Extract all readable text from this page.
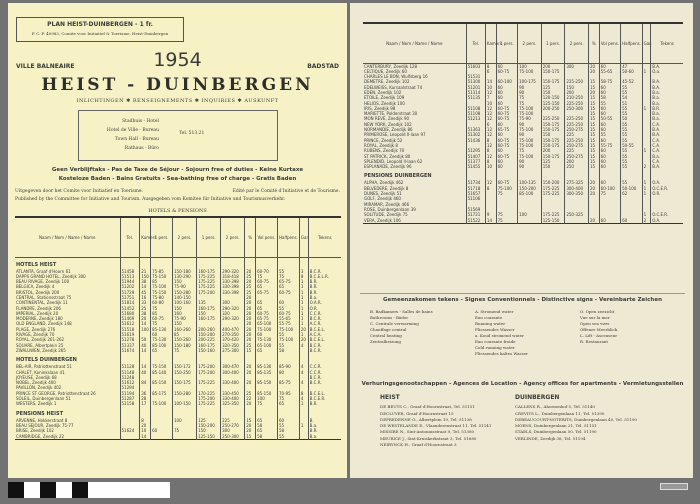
PLAN HEIST-DUINBERGEN - 1 fr.
P. C. P. 40983, Comite voor Initiatief & Toerisme, Heist-Duinbergen
1954
VILLE BALNEAIRE	BADSTAD
HEIST - DUINBERGEN
INLICHTINGEN ✱ RENSEIGNEMENTS ✱ INQUIRIES ✱ AUSKUNFT
Stadhuis - Hotel
Hotel de Ville - Bureau
Town Hall - Bureau
Rathaus - Büro
Tel. 513.21
Geen Verblijftaks - Pas de Taxe de Séjour - Sojourn free of duties - Keine Kurtaxe
Kosteloze Baden - Bains Gratuits - Sea-bathing free of charge - Gratis Baden
Uitgegeven door het Comite voor Initiatief en Toerisme.	Edité par le Comité d'Initiative et de Tourisme.
Published by the Committee for Initiative and Tourism. Ausgegeben vom Komitee für Initiative und Tourismusverkehr.
HOTELS & PENSIONS
Naam / Nom / Name / Name	Tel.	Kamers	1 pers.	2 pers.	1 pers.	2 pers.	%	Vol pens.	Halfpens.	Gar.	Tekens
HOTELS HEIST											
ATLANTA, Graaf d'Hoorn 61	51458	21	75-85	150-180	160-175	290-320	20	60-70	55	3	B.C.R.
DAPPS GRAND HOTEL, Zeedijk 300	51513	150	75-150	130-290	175-225	318-418	25	75	75	8	B.C.E.L.R.
BEAU RIVAGE, Zeedijk 100	51944	38	85	150	175-225	330-398	20	60-75	65-75	1	B.R.
BELGICA, Zeedijk 4	51202	14	75-100	75-90	175-225	330-398	25	65	65	1	B.R.
BRISTOL, Zeedijk 200	51729	45	75-150	150-280	175-200	330-398	25	65-75	60-75	1	B.R.
CENTRAL, Stationsstraat 75	51751	16	75-80	140-150			20			1	B.a.
CONTINENTAL, Zeedijk 11	51814	33	60-80	100-160	135	300	20	65	60	1	O.A.R.
FLANDRE, Zeedijk 206	51452	25	75	150	160-175	290-320	20	65	55	1	O.R.
IMPERIAL, Zeedijk 20	51680	38	85	160	150	320	20	60-75	60-75	1	C.C.R.
MODERNE, Zeedijk 180	51469	20	60-75	75-90	160-175	290-320	20	65-75	55-65	1	B.C.R.
OLD ENGLAND, Zeedijk 148	51612	14	75	150			20	65-100	55-75	1	A.C.R.
PLAGE, Zeedijk 276	51518	100	85-130	160-260	200-260	400-470	20	75-100	75-100	20	B.C.E.L.
RIVAGE, Zeedijk 70	51619		60	85	150-200	270-350	20	60	55	1	A.C.A.
ROYAL, Zeedijk 261-262	51278	50	75-130	150-260	200-225	370-420	20	75-130	75-100	20	B.C.E.L.
SQUARE, Albertplein 25	51337	40	85-100	150-180	160-175	320-350	25	65-100	55	4	B.C.R.
ZWALUWEN, Zeedijk 265	51674	14	65	75	150-160	275-300	15	65	58		B.C.R.
HOTELS DUINBERGEN											
BEL-AIR, Patriottenstraat 51	51128	14	75-150	150-172	175-200	300-470	20	85-130	85-90	4	C.C.R.
CHALET, Koninkslaan 41	51148	40	85-140	150-250	175-200	300-400	20	85-135	80	4	C.C.R.
JOYEUSE, Zeedijk 68	51248										B.C.R.
NOBEL, Zeedijk 400	51612	84	85-150	150-175	175-225	330-400	20	85-150	85-75	4	B.C.R.
PAVILLON, Zeedijk 402	51294										
PRINCE ST GEORGE, Patriottenstraat 26	51194	36	85-175	150-280	170-225	330-450	25	85-150	70-95	8	B.C.E.L.
SOLEIL, Duinbergenlaan 51	51287	28			175-200	330-400	22	100	75	4	B.C.E.R.
WESTERS, Zeedijk 1	51158	17	75-100	100-150	175-225	325-350	20	75	65	1	B.R.
PENSIONS HEIST											
ARVENNE, Hokkerstraat 8		8		100	125	225	15	65	60		B.
BEAU SEJOUR, Zeedijk 75-77		20			150-200	250-270	20	58	55	1	B.a.
BRISE, Zeedijk 102	51624	10	60	75	150	300	20	65	58		B.R.
CAMBRIDGE, Zeedijk 22		14			125-150	250-300	15	58	55		B.a.
Naam / Nom / Name / Name	Tel.	Kamers	1 pers.	2 pers.	1 pers.	2 pers.	%	Vol pens.	Halfpens.	Gar.	Tekens
CANTERBURY, Zeedijk 128	51603	8	60	100	200	300	20	60	47		B.A.
CELTIQUE, Zeedijk 60		6	60-75	75-100	150-175		20	55-65	50-60	1	O.a.
CHARLES LE BON, Wulfsberg 16	51531										
DEMETRE, Zeedijk 102	51300	14	60-100	100-175	150-175	225-250	15	58-75	45-52		B.A.
EDELWEISS, Kursaalstraat 74	51201	10	60	90	125	150	15	60	55		B.A.
EDEN, Zeedijk 102	51314	12	60	90	150	200	20	60	55		B.a.
ETOILE, Zeedijk 109	51135	7	60	75	120-150	210-250	15	58	54		B.a.
HELIOS, Zeedijk 100		10	60	75	125-150	225-250	15	55	51		B.a.
IRIS, Zeedijk 98	51108	12	60-75	75-100	200-250	250-300	15	60	55	1	B.R.
MARIETTE, Polderstraat 30	51108	12	60-75	75-100			15	60	55		B.a.
MON REVE, Zeedijk 90	51213	12	60-75	75-90	225-250	225-250	15	50-55	50		B.a.
NEW YORK, Zeedijk 102		6	60	90	150-175	225-250	15	60	55		C.A.
NORMANDIE, Zeedijk 86	51363	12	65-75	75-100	150-175	250-275	15	60	55		B.A.
PRIMEROSE, Leopold II-laan 97	51302	12	60	90	150	225	15	55	55		B.A.
PRINCE, Zeedijk 52	51436	8	60-75	75-100	150-175	225-250	15	60	55		C.A.
ROYAL, Zeedijk 8		12	60-75	75-100	150-175	250-275	15	55-75	50-55		C.A.
RUBENS, Zeedijk 70	51295	8	60	75	200	225	15	60	55	1	C.A.
ST PATRICK, Zeedijk 80	51407	12	60-75	75-100	150-175	250-275	15	60	55		B.a.
SPLENDID, Leopold II-laan 62	51377	8	60	90	125	200	15	60	55		C.A.
ESPLANADE, Zeedijk 96	51455	10	60	90	150	250	15	60	55	2	B.A.
PENSIONS DUINBERGEN											
ALPHA, Zeedijk 462	51734	12	60-75	100-135	150-200	275-325	20	60	55	1	O.A.
BELVEDERE, Zeedijk 8	51718	8	75-100	150-200	175-225	300-400	20	60-100	50-100	1	O.C.E.R.
DUNES, Zeedijk 51	51657		75	85-100	175-225	300-350	20	75	62	1	O.R.
GOLF, Zeedijk 460	51106										
MIRAMAR, Zeedijk 466											
ROSE, Duinbergenlaan 39	51569										
SOLITUDE, Zeedijk 75	51721	9	75	100	175-225	250-325				1	O.C.E.R.
VERA, Zeedijk 106	51522	14	75		125-150		20	60	60	2	O.A.
Gemeenzakomen tekens - Signes Conventionnels - Distinctive signs - Vereinbarte Zeichen
B. Badkamers - Salles de bains
Bathrooms - Bäder
C. Centrale verwarming
Chauffage central
Central heating
Zentralheizung
A. Stromend water
Eau courante
Running water
Fliessendes Wasser
a. Koud stromend water
Eau courante froide
Cold running water
Fliessendes kaltes Wasser
O. Open zeezicht
Vue sur la mer
Open sea view
Offener Meerblick
L. Lift - Ascenseur
R. Restaurant
Verhuringsgenootschappen - Agences de Location - Agency offices for apartments - Vermietungsstellen
HEIST
DE BEUTS C., Graaf d'Hoornstraat, Tel. 51151
DECLUYER, Graaf d'Hoornstraat 15
DEPREDENNE O., Albertplein 19, Tel. 51138
DE WESTELANDE E., Vlaanderenstraat 11, Tel. 51141
MISSIRE N., Sint-Antoniusstraat 9, Tel. 51380
MEURICE J., Sint-Kruiskerkstraat 3, Tel. 51680
NEIRYNCK H., Graaf d'Hoornstraat 3
DUINBERGEN
CALLENS R., Ahornenhof 5, Tel. 51140
CREVITS L., Duinbergenlaan 11, Tel. 51390
DEBEAUCOURT-NOTERITS, Duinbergenlaan 40, Tel. 51190
MOENS, Duinbergenlaan 21, Tel. 51151
STAELS, Duinbergenlaan 50, Tel. 51190
VERLINDE, Zeedijk 38, Tel. 51194
